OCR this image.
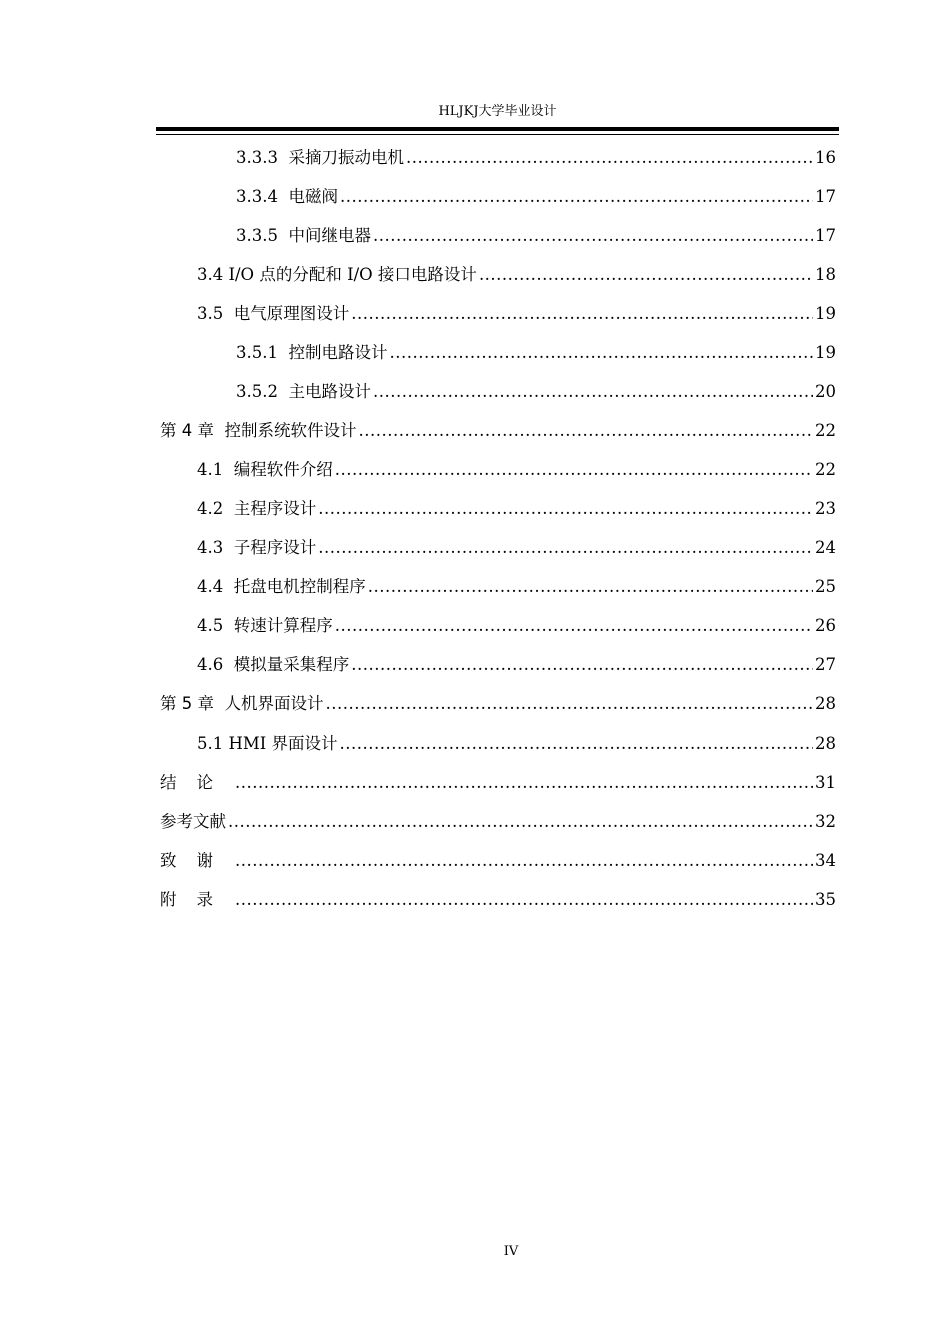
HLJKJ大学毕业设计
3.3.3  采摘刀振动电机 .....	16
3.3.4  电磁阀 .....	17
3.3.5  中间继电器 .....	17
3.4 I/O 点的分配和 I/O 接口电路设计 .....	18
3.5  电气原理图设计 .....	19
3.5.1  控制电路设计 .....	19
3.5.2  主电路设计 .....	20
第 4 章  控制系统软件设计 .....	22
4.1  编程软件介绍 .....	22
4.2  主程序设计 .....	23
4.3  子程序设计 .....	24
4.4  托盘电机控制程序 .....	25
4.5  转速计算程序 .....	26
4.6  模拟量采集程序 .....	27
第 5 章  人机界面设计 .....	28
5.1 HMI 界面设计 .....	28
结论 .....	31
参考文献 .....	32
致谢 .....	34
附录 .....	35
IV
